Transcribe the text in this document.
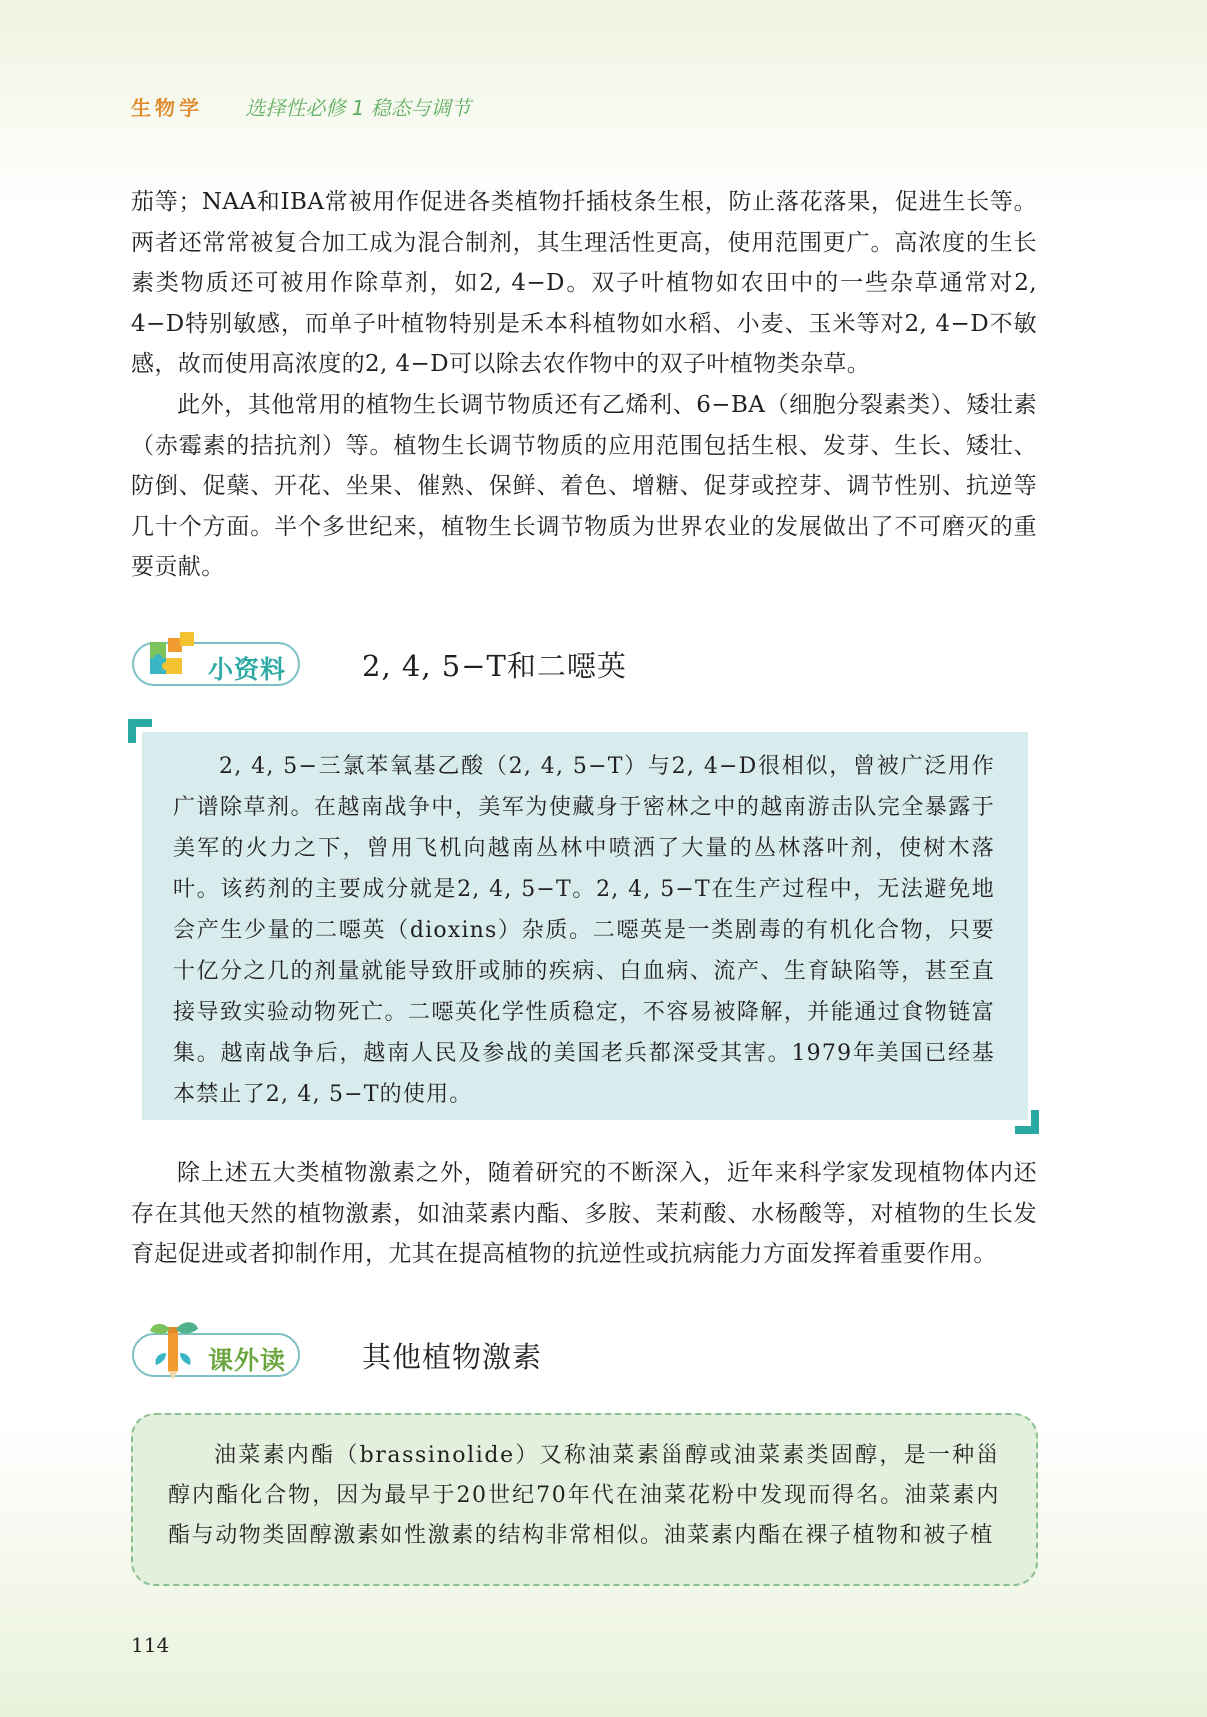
生物学 选择性必修 1 稳态与调节

茄等；NAA和IBA常被用作促进各类植物扦插枝条生根，防止落花落果，促进生长等。两者还常常被复合加工成为混合制剂，其生理活性更高，使用范围更广。高浓度的生长素类物质还可被用作除草剂，如2, 4−D。双子叶植物如农田中的一些杂草通常对2, 4−D特别敏感，而单子叶植物特别是禾本科植物如水稻、小麦、玉米等对2, 4−D不敏感，故而使用高浓度的2, 4−D可以除去农作物中的双子叶植物类杂草。

此外，其他常用的植物生长调节物质还有乙烯利、6−BA（细胞分裂素类）、矮壮素（赤霉素的拮抗剂）等。植物生长调节物质的应用范围包括生根、发芽、生长、矮壮、防倒、促蘖、开花、坐果、催熟、保鲜、着色、增糖、促芽或控芽、调节性别、抗逆等几十个方面。半个多世纪来，植物生长调节物质为世界农业的发展做出了不可磨灭的重要贡献。

小资料	2, 4, 5−T和二噁英

2, 4, 5−三氯苯氧基乙酸（2, 4, 5−T）与2, 4−D很相似，曾被广泛用作广谱除草剂。在越南战争中，美军为使藏身于密林之中的越南游击队完全暴露于美军的火力之下，曾用飞机向越南丛林中喷洒了大量的丛林落叶剂，使树木落叶。该药剂的主要成分就是2, 4, 5−T。2, 4, 5−T在生产过程中，无法避免地会产生少量的二噁英（dioxins）杂质。二噁英是一类剧毒的有机化合物，只要十亿分之几的剂量就能导致肝或肺的疾病、白血病、流产、生育缺陷等，甚至直接导致实验动物死亡。二噁英化学性质稳定，不容易被降解，并能通过食物链富集。越南战争后，越南人民及参战的美国老兵都深受其害。1979年美国已经基本禁止了2, 4, 5−T的使用。

除上述五大类植物激素之外，随着研究的不断深入，近年来科学家发现植物体内还存在其他天然的植物激素，如油菜素内酯、多胺、茉莉酸、水杨酸等，对植物的生长发育起促进或者抑制作用，尤其在提高植物的抗逆性或抗病能力方面发挥着重要作用。

课外读	其他植物激素

油菜素内酯（brassinolide）又称油菜素甾醇或油菜素类固醇，是一种甾醇内酯化合物，因为最早于20世纪70年代在油菜花粉中发现而得名。油菜素内酯与动物类固醇激素如性激素的结构非常相似。油菜素内酯在裸子植物和被子植

114
